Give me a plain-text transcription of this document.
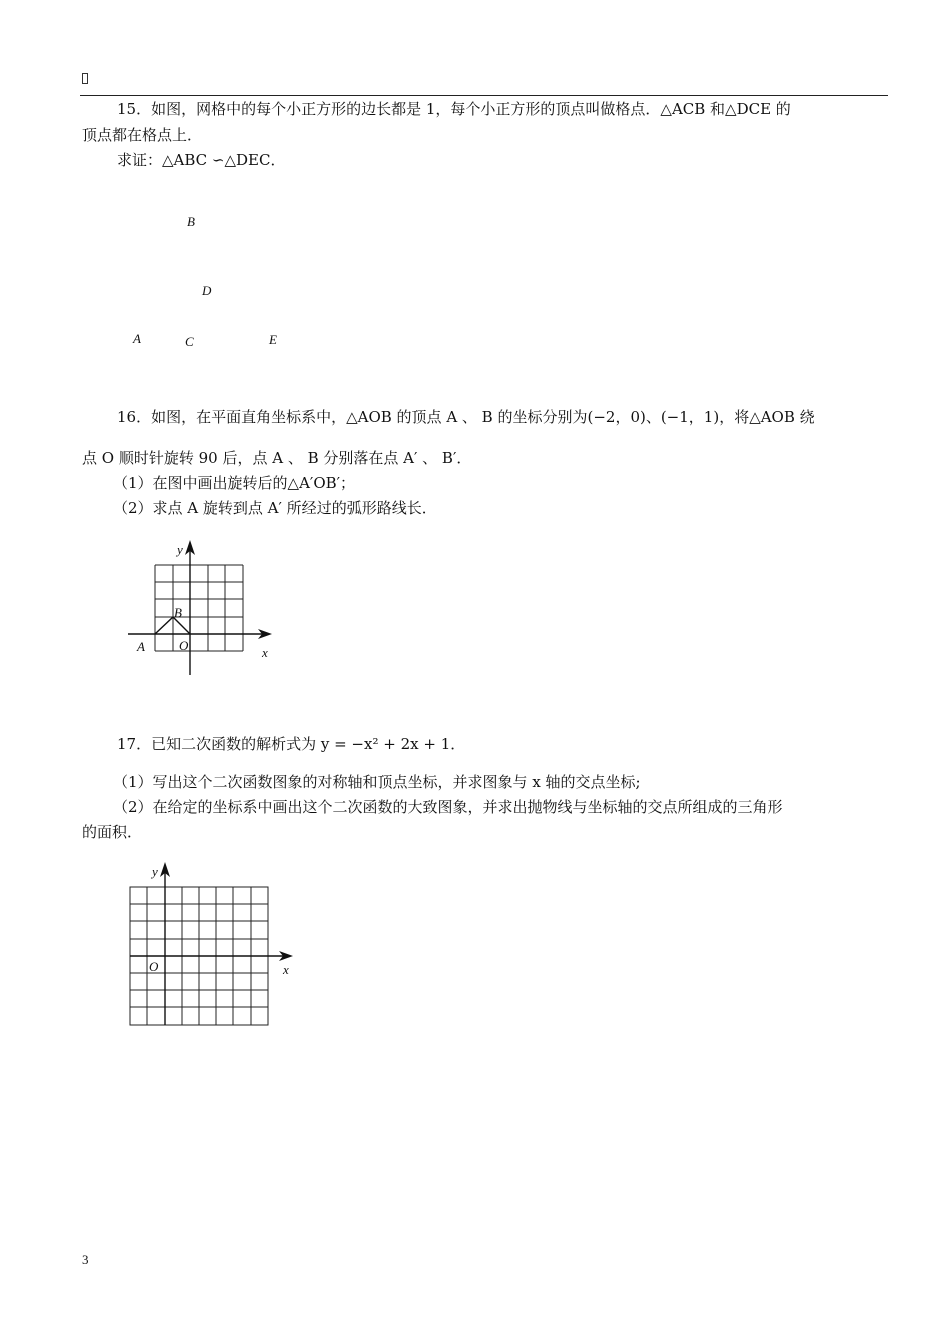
15．如图，网格中的每个小正方形的边长都是 1，每个小正方形的顶点叫做格点．△ACB 和△DCE 的
顶点都在格点上．
求证：△ABC ∽△DEC．
B
D
A	C	E
16．如图，在平面直角坐标系中，△AOB 的顶点 A 、 B 的坐标分别为(−2，0)、(−1，1)，将△AOB 绕
点 O 顺时针旋转 90 后，点 A 、 B 分别落在点 A′ 、 B′．
（1）在图中画出旋转后的△A′OB′；
（2）求点 A 旋转到点 A′ 所经过的弧形路线长．
y
x
A
B
O
17．已知二次函数的解析式为 y = −x² + 2x + 1．
（1）写出这个二次函数图象的对称轴和顶点坐标，并求图象与 x 轴的交点坐标;
（2）在给定的坐标系中画出这个二次函数的大致图象，并求出抛物线与坐标轴的交点所组成的三角形
的面积．
y
x
O
3
